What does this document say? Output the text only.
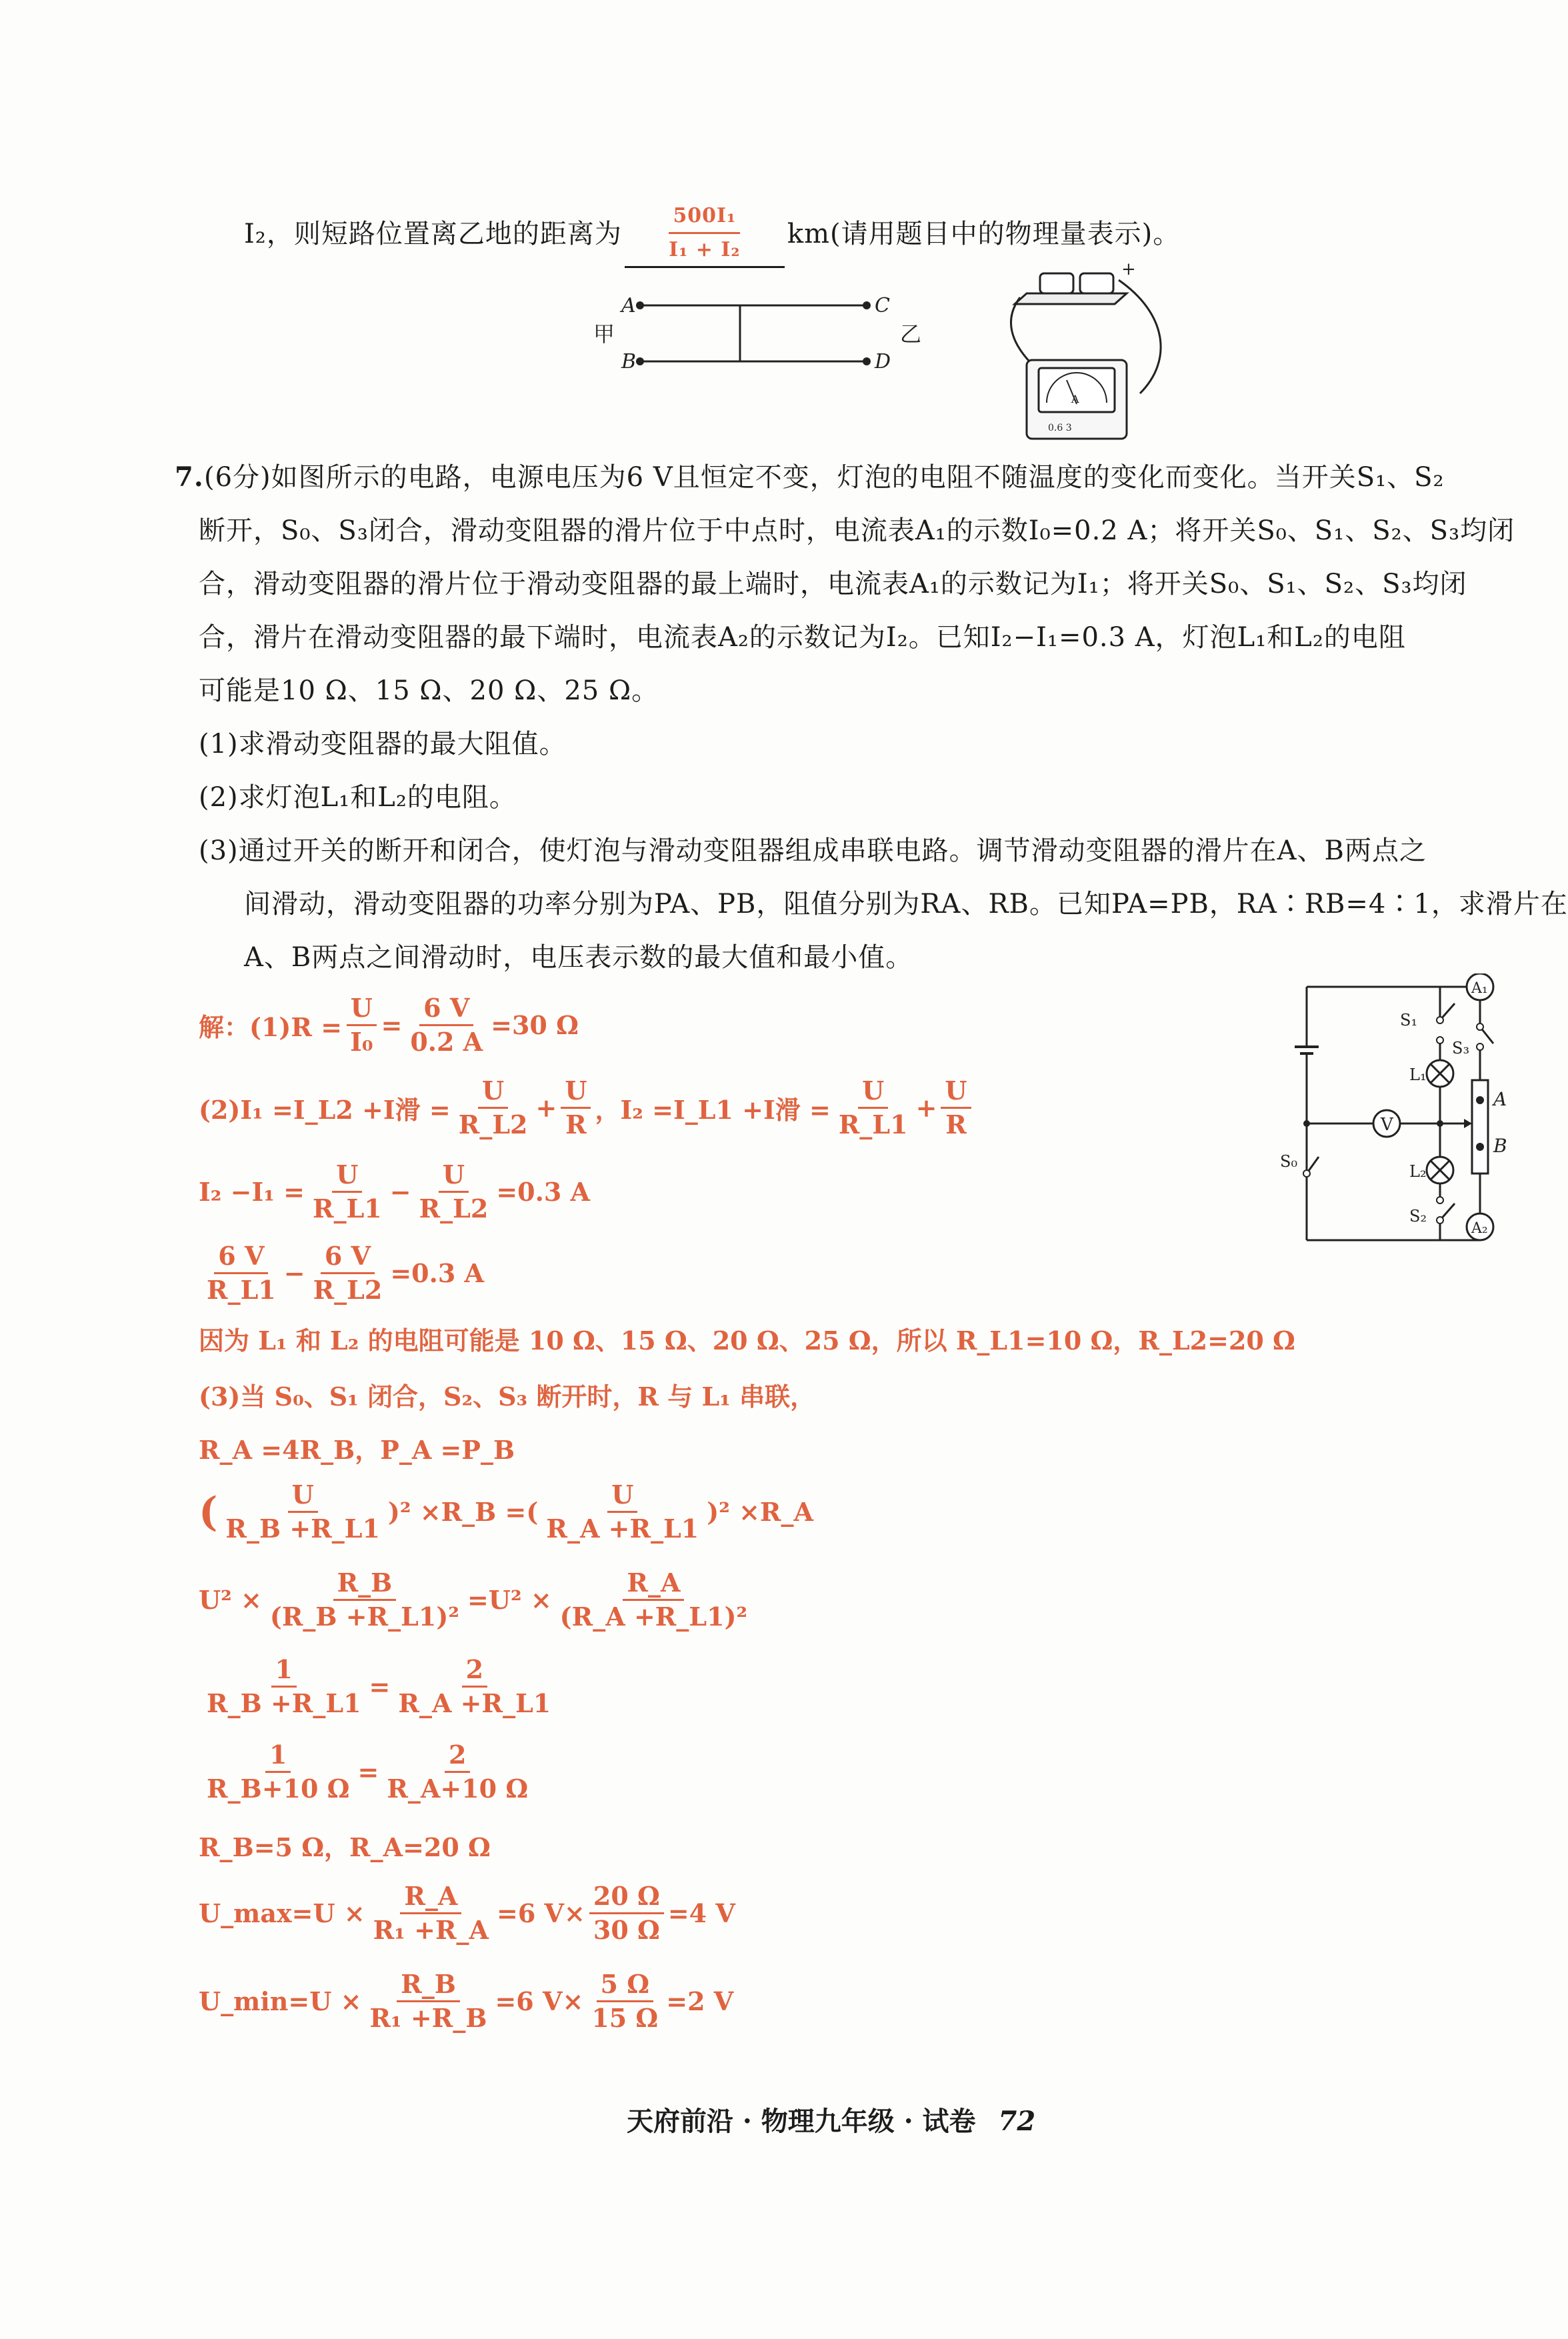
I₂，则短路位置离乙地的距离为 $\frac{\text{500I₁}}{\text{I₁ + I₂}} km$(请用题目中的物理量表示)。
A
B
C
D
甲	乙
+
A
0.6 3
7. (6分)如图所示的电路，电源电压为6 V且恒定不变，灯泡的电阻不随温度的变化而变化。当开关S₁、S₂
断开，S₀、S₃闭合，滑动变阻器的滑片位于中点时，电流表A₁的示数I₀=0.2 A；将开关S₀、S₁、S₂、S₃均闭
合，滑动变阻器的滑片位于滑动变阻器的最上端时，电流表A₁的示数记为I₁；将开关S₀、S₁、S₂、S₃均闭
合，滑片在滑动变阻器的最下端时，电流表A₂的示数记为I₂。已知I₂−I₁=0.3 A，灯泡L₁和L₂的电阻
可能是10 Ω、15 Ω、20 Ω、25 Ω。
(1)求滑动变阻器的最大阻值。
(2)求灯泡L₁和L₂的电阻。
(3)通过开关的断开和闭合，使灯泡与滑动变阻器组成串联电路。调节滑动变阻器的滑片在A、B两点之
间滑动，滑动变阻器的功率分别为PA、PB，阻值分别为RA、RB。已知PA=PB，RA∶RB=4∶1，求滑片在
A、B两点之间滑动时，电压表示数的最大值和最小值。
V
A₁
A₂
A
B
S₁
S₃
L₁
S₀
L₂
S₂
解：$(1)R = \frac{U}{\text{I₀}} = \frac{6 V}{0.2 A} =30$ Ω
(2)I₁ =I_L2 +I滑 = $\frac{U}{R\_L2} + \frac{U}{R}$ ，I₂ =I_L1 +I滑 = $\frac{U}{R\_L1} + \frac{U}{R}$
$I_2 -I_1 = \frac{U}{R\_L1} - \frac{U}{R\_L2} =0.3$ A
$\frac{6 V}{R\_L1} - \frac{6 V}{R\_L2} =0.3$ A
因为 L₁ 和 L₂ 的电阻可能是 10 Ω、15 Ω、20 Ω、25 Ω，所以 R_L1=10 Ω，R_L2=20 Ω
(3)当 S₀、S₁ 闭合，S₂、S₃ 断开时，R 与 L₁ 串联，
R_A =4R_B，P_A =P_B
( $\frac{U}{R\_B +R\_L1} )^2$ ×R_B =( $\frac{U}{R\_A +R\_L1} )^2$ ×R_A
$U^2 \times \frac{R\_B}{\text{(R\_B +R\_L1)²}} =U^2 \times \frac{R\_A}{\text{(R\_A +R\_L1)²}}$
$\frac{1}{R\_B +R\_L1} = \frac{2}{R\_A +R\_L1}$
$\frac{1}{R\_B+10 \Omega} = \frac{2}{R\_A+10 \Omega}$
R_B=5 Ω，R_A=20 Ω
U_max=U × $\frac{R\_A}{\text{R₁ +R\_A}} =6$ $V\times \frac{20 \Omega}{30 \Omega} =4$ V
U_min=U × $\frac{R\_B}{\text{R₁ +R\_B}} =6$ $V\times \frac{5 \Omega}{15 \Omega} =2$ V
天府前沿 · 物理九年级 · 试卷 72
